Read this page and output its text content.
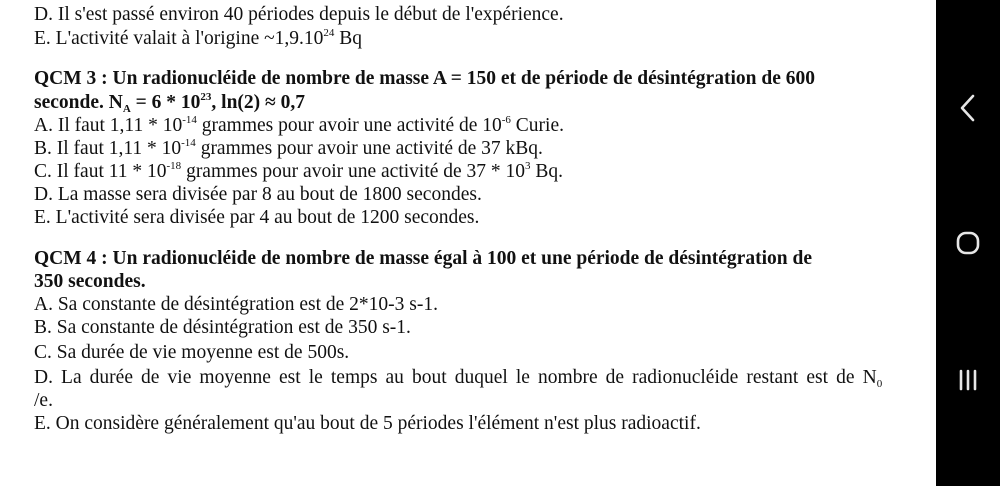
D. Il s'est passé environ 40 périodes depuis le début de l'expérience.
E. L'activité valait à l'origine ~1,9.10$^{24}$ Bq
QCM 3 : Un radionucléide de nombre de masse A = 150 et de période de désintégration de 600
seconde. $N_A = 6 * 10^{23}$, ln(2) ≈ 0,7
A. Il faut $1,11 * 10^{-14}$ grammes pour avoir une activité de $10^{-6}$ Curie.
B. Il faut $1,11 * 10^{-14}$ grammes pour avoir une activité de 37 kBq.
C. Il faut $11 * 10^{-18}$ grammes pour avoir une activité de $37 * 10^3$ Bq.
D. La masse sera divisée par 8 au bout de 1800 secondes.
E. L'activité sera divisée par 4 au bout de 1200 secondes.
QCM 4 : Un radionucléide de nombre de masse égal à 100 et une période de désintégration de
350 secondes.
A. Sa constante de désintégration est de 2*10-3 s-1.
B. Sa constante de désintégration est de 350 s-1.
C. Sa durée de vie moyenne est de 500s.
D. La durée de vie moyenne est le temps au bout duquel le nombre de radionucléide restant est de $N_0$
/e.
E. On considère généralement qu'au bout de 5 périodes l'élément n'est plus radioactif.
